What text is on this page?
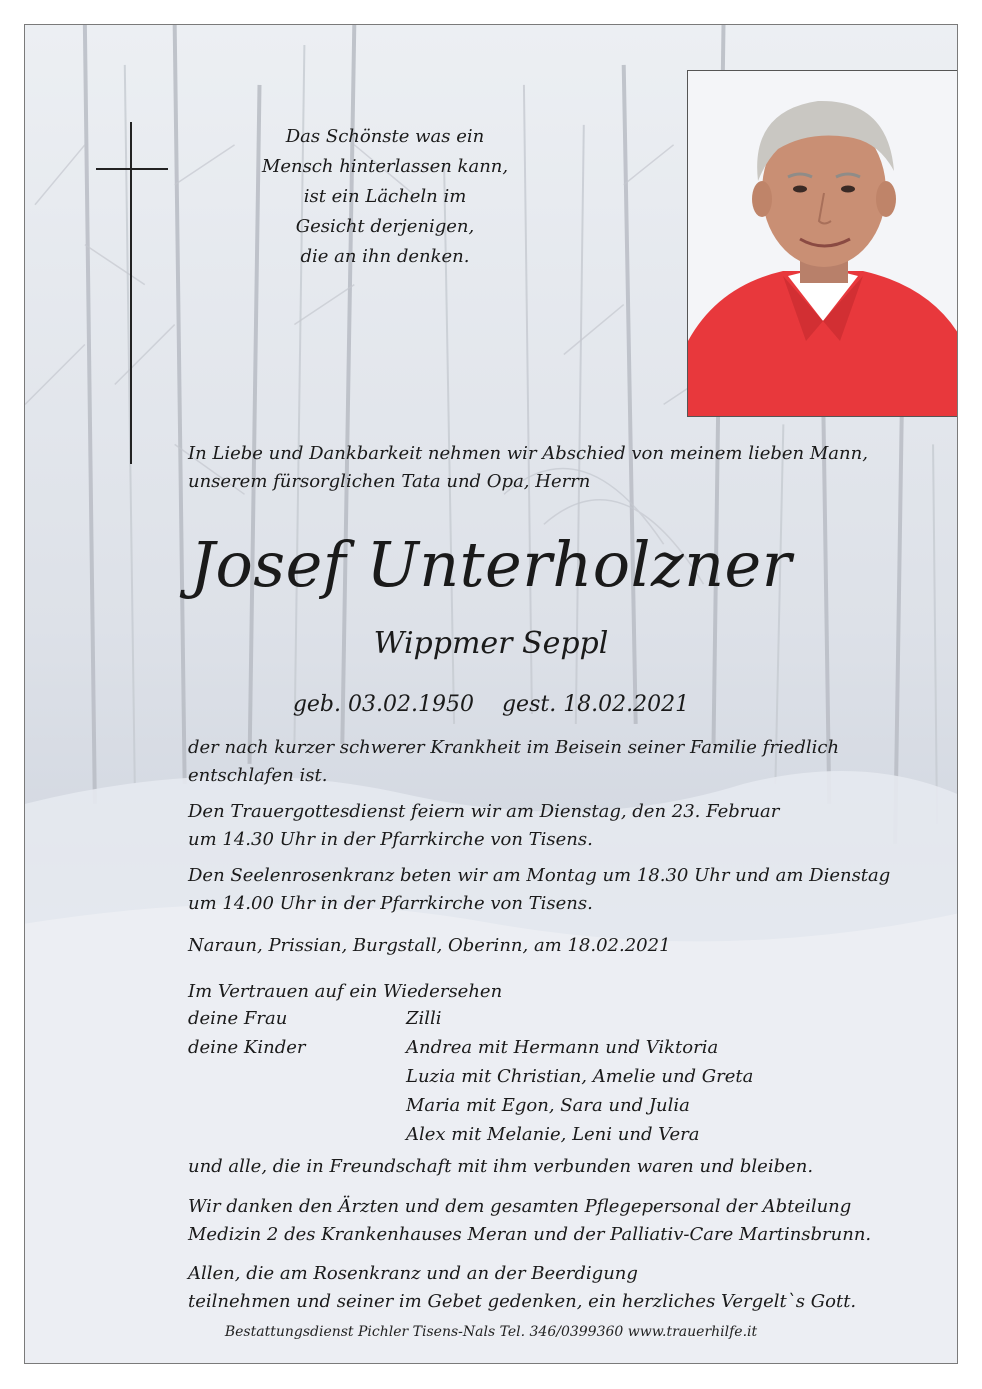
Das Schönste was ein
Mensch hinterlassen kann,
ist ein Lächeln im
Gesicht derjenigen,
die an ihn denken.
In Liebe und Dankbarkeit nehmen wir Abschied von meinem lieben Mann,
unserem fürsorglichen Tata und Opa, Herrn
Josef Unterholzner
Wippmer Seppl
geb. 03.02.1950 gest. 18.02.2021
der nach kurzer schwerer Krankheit im Beisein seiner Familie friedlich
entschlafen ist.
Den Trauergottesdienst feiern wir am Dienstag, den 23. Februar
um 14.30 Uhr in der Pfarrkirche von Tisens.
Den Seelenrosenkranz beten wir am Montag um 18.30 Uhr und am Dienstag
um 14.00 Uhr in der Pfarrkirche von Tisens.
Naraun, Prissian, Burgstall, Oberinn, am 18.02.2021
Im Vertrauen auf ein Wiedersehen
deine Frau	Zilli
deine Kinder	Andrea mit Hermann und Viktoria
Luzia mit Christian, Amelie und Greta
Maria mit Egon, Sara und Julia
Alex mit Melanie, Leni und Vera
und alle, die in Freundschaft mit ihm verbunden waren und bleiben.
Wir danken den Ärzten und dem gesamten Pflegepersonal der Abteilung
Medizin 2 des Krankenhauses Meran und der Palliativ-Care Martinsbrunn.
Allen, die am Rosenkranz und an der Beerdigung
teilnehmen und seiner im Gebet gedenken, ein herzliches Vergelt`s Gott.
Bestattungsdienst Pichler Tisens-Nals Tel. 346/0399360 www.trauerhilfe.it
